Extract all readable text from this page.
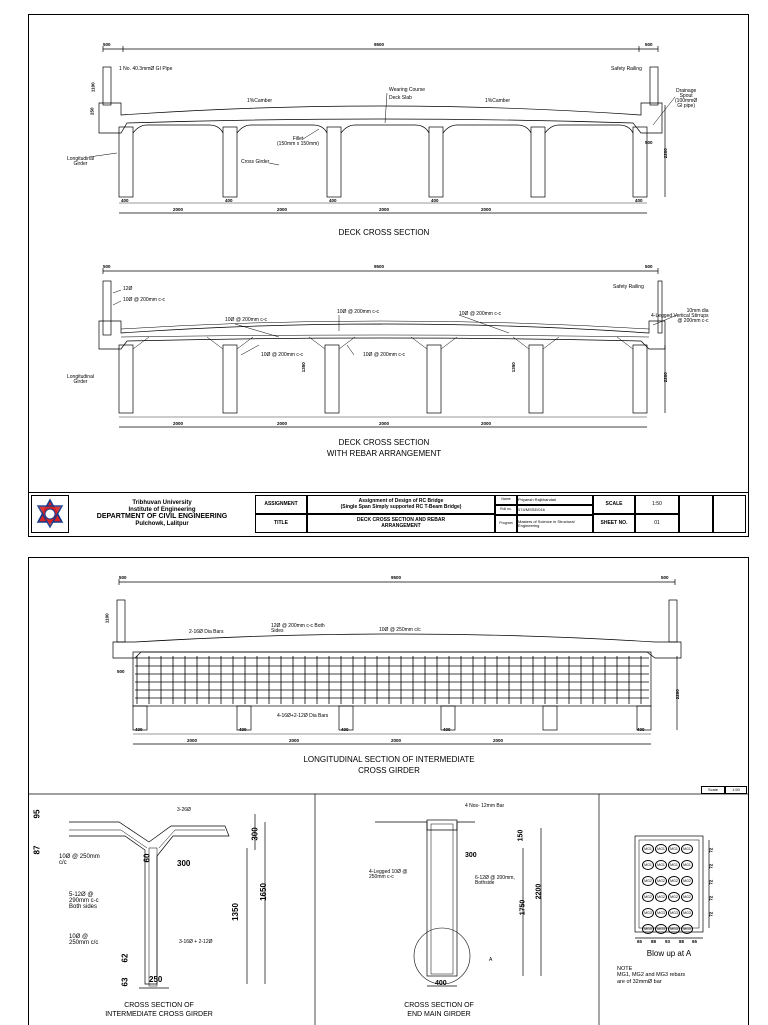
500	9500	500
1 No. 40.3mmØ GI Pipe	Safety Railing
Wearing Course
Deck Slab
1%Camber	1%Camber
Fillet
(150mm x 150mm)
Cross Girder
Longitudinal
Girder
Drainage
Spout
(100mmØ
GI pipe)
1100
250
500
2200
400
2000
400
2000
400
2000
400
2000
400
DECK CROSS SECTION
500	9500	500
12Ø
10Ø @ 200mm c-c
Safety Railing
10Ø @ 200mm c-c
10Ø @ 200mm c-c	10Ø @ 200mm c-c
10Ø @ 200mm c-c	10Ø @ 200mm c-c
10mm dia
4-Legged Vertical Stirrups
@ 200mm c-c
Longitudinal
Girder
1350	1350
2200
2000	2000	2000	2000
DECK CROSS SECTION
WITH REBAR ARRANGEMENT
Tribhuvan University
Institute of Engineering
DEPARTMENT OF CIVIL ENGINEERING
Pulchowk, Lalitpur
ASSIGNMENT	Assignment of Design of RC Bridge
(Single Span Simply supported RC T-Beam Bridge)
TITLE	DECK CROSS SECTION AND REBAR
ARRANGEMENT
Name	Priyansh Rajbhandari
Roll no.	074/MSSE/016
Program	Masters of Science in Structural
Engineering
SCALE	1:50
SHEET NO.	01
500	9500	500
1100
500
2200
2-16Ø Dia Bars
12Ø @ 200mm c-c Both
Sides	10Ø @ 250mm c/c
4-16Ø+2-12Ø Dia Bars
400
2000
400
2000
400
2000
400
2000
400
LONGITUDINAL SECTION OF INTERMEDIATE
CROSS GIRDER
Scale	1:50
3-26Ø
95
87
60
300
300
10Ø @ 250mm
c/c
5-12Ø @
290mm c-c
Both sides
10Ø @
250mm c/c	3-16Ø + 2-12Ø
1350
1650
62
63 250
CROSS SECTION OF
INTERMEDIATE CROSS GIRDER
4 Nos- 12mm Bar
150
300
4-Legged 10Ø @
250mm c-c	6-12Ø @ 200mm,
Bothside
1750
2200
400
A
CROSS SECTION OF
END MAIN GIRDER
MG1	MG1	MG1	MG1
MG1	MG1	MG1	MG1
MG2	MG2	MG2	MG2
MG2	MG2	MG2	MG2
MG3	MG3	MG3	MG3
MG3	MG3	MG3	MG3
65 88 93 88 65
72
72
72
72
72
Blow up at A
NOTE
MG1, MG2 and MG3 rebars
are of 32mmØ bar
